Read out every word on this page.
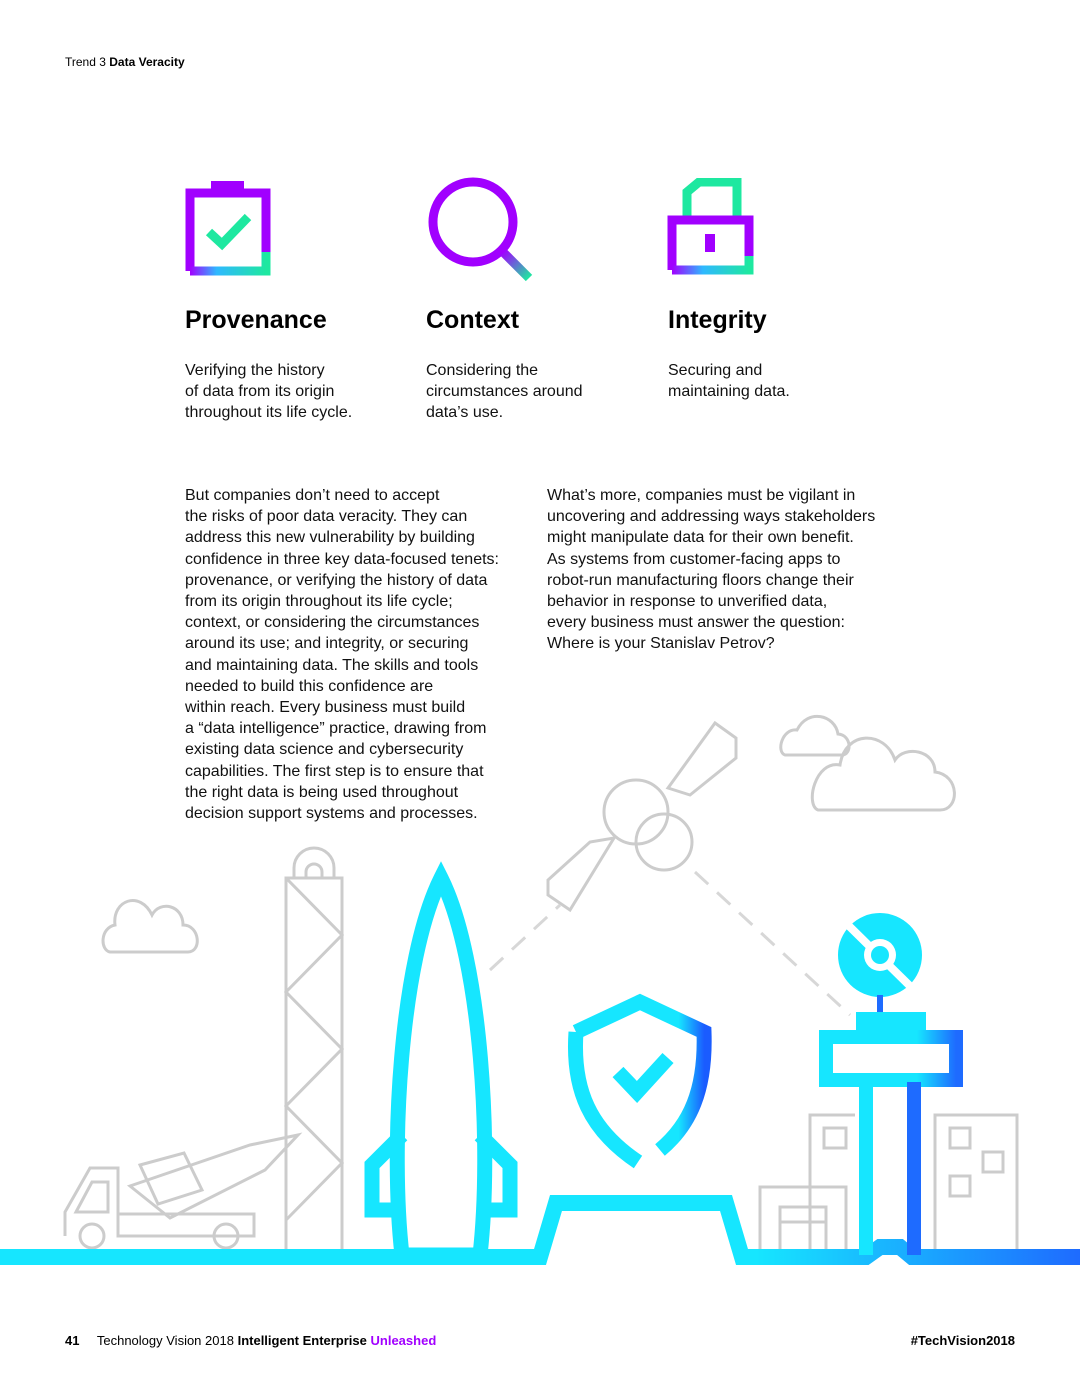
Trend 3 Data Veracity
Provenance	Context	Integrity

Verifying the history
of data from its origin
throughout its life cycle.

Considering the
circumstances around
data’s use.

Securing and
maintaining data.

But companies don’t need to accept
the risks of poor data veracity. They can
address this new vulnerability by building
confidence in three key data-focused tenets:
provenance, or verifying the history of data
from its origin throughout its life cycle;
context, or considering the circumstances
around its use; and integrity, or securing
and maintaining data. The skills and tools
needed to build this confidence are
within reach. Every business must build
a “data intelligence” practice, drawing from
existing data science and cybersecurity
capabilities. The first step is to ensure that
the right data is being used throughout
decision support systems and processes.

What’s more, companies must be vigilant in
uncovering and addressing ways stakeholders
might manipulate data for their own benefit.
As systems from customer-facing apps to
robot-run manufacturing floors change their
behavior in response to unverified data,
every business must answer the question:
Where is your Stanislav Petrov?

41 Technology Vision 2018 Intelligent Enterprise Unleashed	#TechVision2018
